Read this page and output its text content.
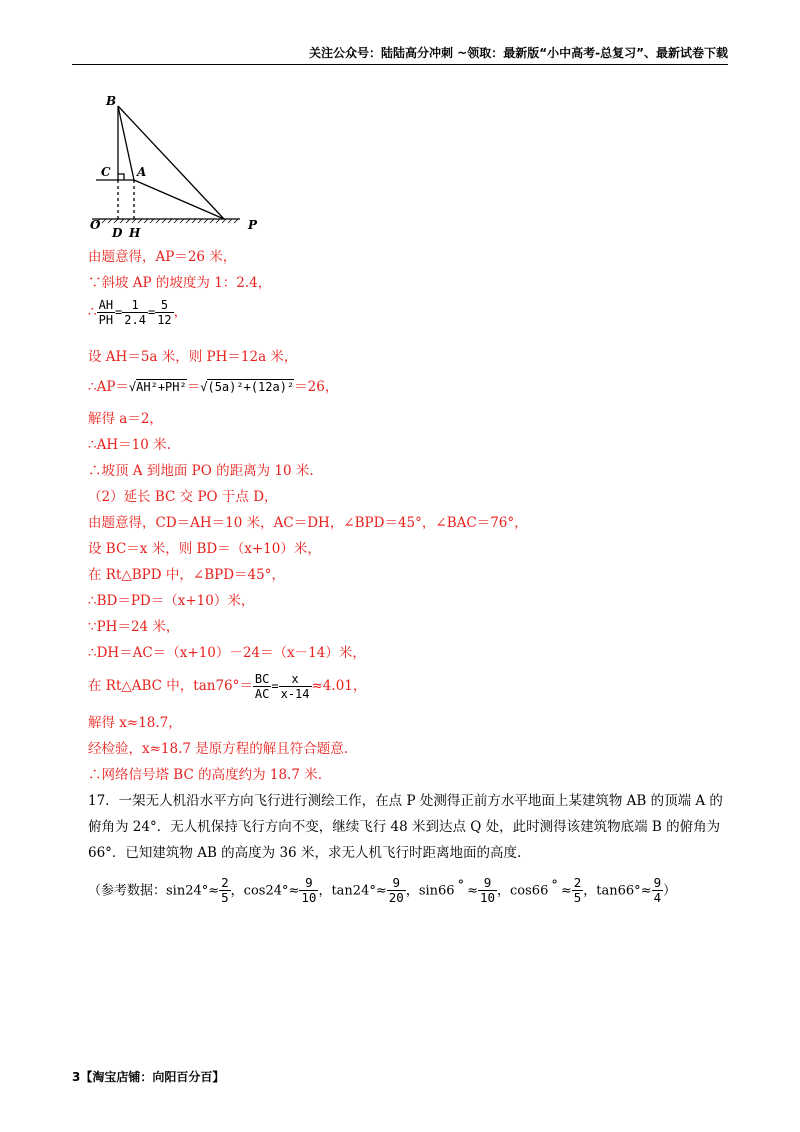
关注公众号：陆陆高分冲刺 ~领取：最新版“小中高考-总复习”、最新试卷下载
B
C A
O
D H
P
由题意得，AP＝26 米，
∵斜坡 AP 的坡度为 1：2.4，
∴ $\frac{AH}{PH} = \frac{1}{2.4} = \frac{5}{12}$ ，
设 AH＝5a 米，则 PH＝12a 米，
∴AP＝√AH²+PH²＝√(5a)²+(12a)²＝26，
解得 a＝2，
∴AH＝10 米.
∴坡顶 A 到地面 PO 的距离为 10 米.
（2）延长 BC 交 PO 于点 D，
由题意得，CD＝AH＝10 米，AC＝DH，∠BPD＝45°，∠BAC＝76°，
设 BC＝x 米，则 BD＝（x+10）米，
在 Rt△BPD 中，∠BPD＝45°，
∴BD＝PD＝（x+10）米，
∵PH＝24 米，
∴DH＝AC＝（x+10）－24＝（x－14）米，
在 Rt△ABC 中，$\tan 76^\circ= \frac{BC}{AC} = \frac{x}{x-14} \approx 4.01$，
解得 x≈18.7，
经检验，x≈18.7 是原方程的解且符合题意.
∴网络信号塔 BC 的高度约为 18.7 米.
17．一架无人机沿水平方向飞行进行测绘工作，在点 P 处测得正前方水平地面上某建筑物 AB 的顶端 A 的
俯角为 24°．无人机保持飞行方向不变，继续飞行 48 米到达点 Q 处，此时测得该建筑物底端 B 的俯角为
66°．已知建筑物 AB 的高度为 36 米，求无人机飞行时距离地面的高度.
（参考数据：$\sin 24^\circ\approx \frac{2}{5}$ ，$\cos 24^\circ\approx \frac{9}{10}$ ，$\tan 24^\circ\approx \frac{9}{20}$ ，sin66 ° ≈ $\frac{9}{10}$ ，cos66 ° ≈ $\frac{2}{5}$ ，$\tan 66^\circ\approx \frac{9}{4}$ ）
3【淘宝店铺：向阳百分百】
